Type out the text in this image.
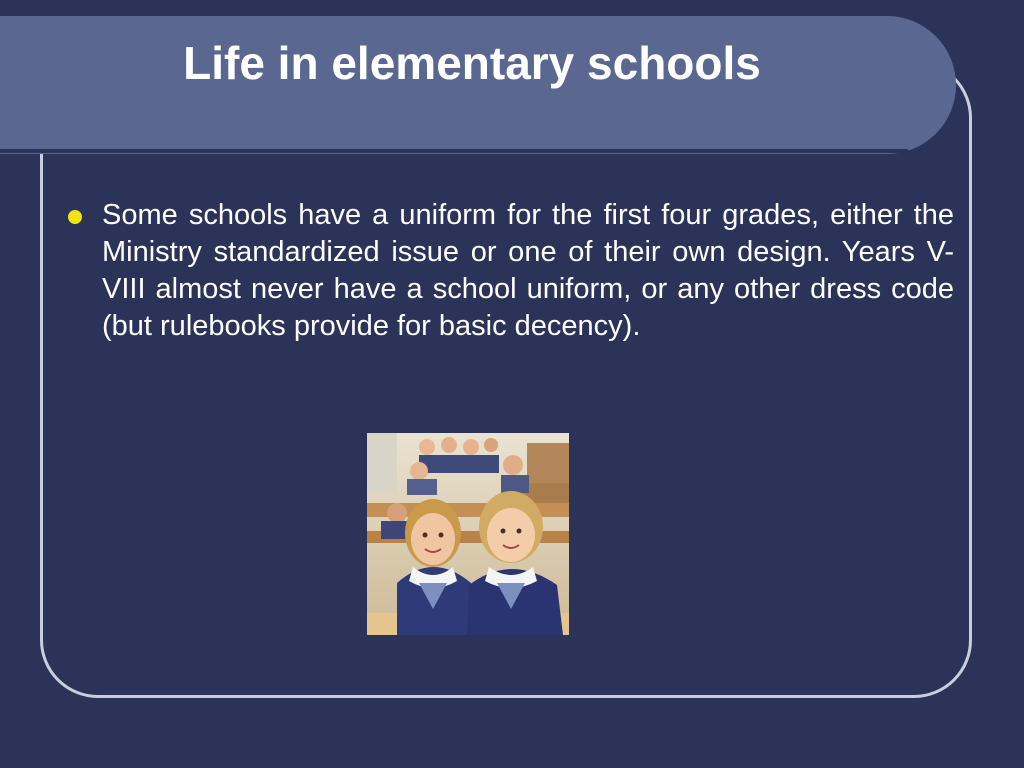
Life in elementary schools
Some schools have a uniform for the first four grades, either the Ministry standardized issue or one of their own design. Years V-VIII almost never have a school uniform, or any other dress code (but rulebooks provide for basic decency).
